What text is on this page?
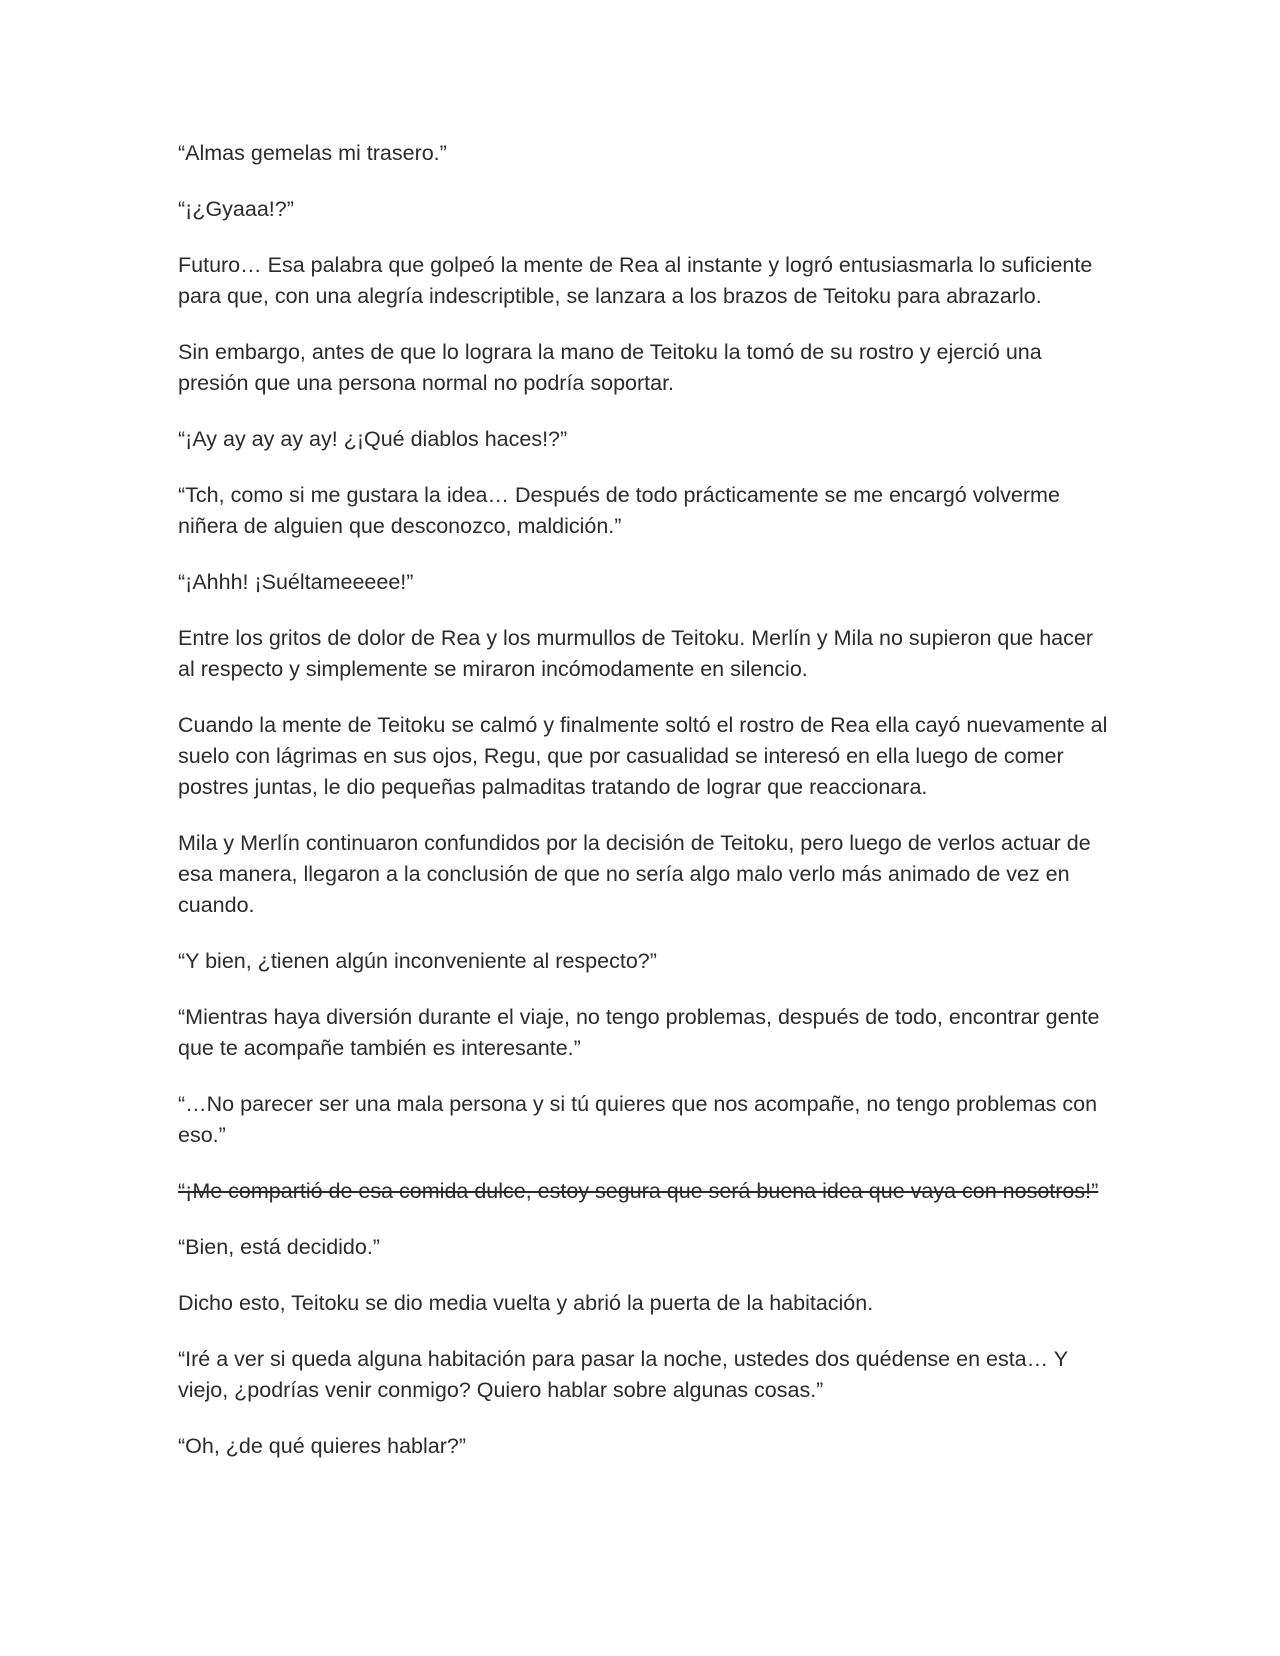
“Almas gemelas mi trasero.”

“¡¿Gyaaa!?”

Futuro… Esa palabra que golpeó la mente de Rea al instante y logró entusiasmarla lo suficiente para que, con una alegría indescriptible, se lanzara a los brazos de Teitoku para abrazarlo.

Sin embargo, antes de que lo lograra la mano de Teitoku la tomó de su rostro y ejerció una presión que una persona normal no podría soportar.

“¡Ay ay ay ay ay! ¿¡Qué diablos haces!?”

“Tch, como si me gustara la idea… Después de todo prácticamente se me encargó volverme niñera de alguien que desconozco, maldición.”

“¡Ahhh! ¡Suéltameeeee!”

Entre los gritos de dolor de Rea y los murmullos de Teitoku. Merlín y Mila no supieron que hacer al respecto y simplemente se miraron incómodamente en silencio.

Cuando la mente de Teitoku se calmó y finalmente soltó el rostro de Rea ella cayó nuevamente al suelo con lágrimas en sus ojos, Regu, que por casualidad se interesó en ella luego de comer postres juntas, le dio pequeñas palmaditas tratando de lograr que reaccionara.

Mila y Merlín continuaron confundidos por la decisión de Teitoku, pero luego de verlos actuar de esa manera, llegaron a la conclusión de que no sería algo malo verlo más animado de vez en cuando.

“Y bien, ¿tienen algún inconveniente al respecto?”

“Mientras haya diversión durante el viaje, no tengo problemas, después de todo, encontrar gente que te acompañe también es interesante.”

“…No parecer ser una mala persona y si tú quieres que nos acompañe, no tengo problemas con eso.”

“¡Me compartió de esa comida dulce, estoy segura que será buena idea que vaya con nosotros!”

“Bien, está decidido.”

Dicho esto, Teitoku se dio media vuelta y abrió la puerta de la habitación.

“Iré a ver si queda alguna habitación para pasar la noche, ustedes dos quédense en esta… Y viejo, ¿podrías venir conmigo? Quiero hablar sobre algunas cosas.”

“Oh, ¿de qué quieres hablar?”
